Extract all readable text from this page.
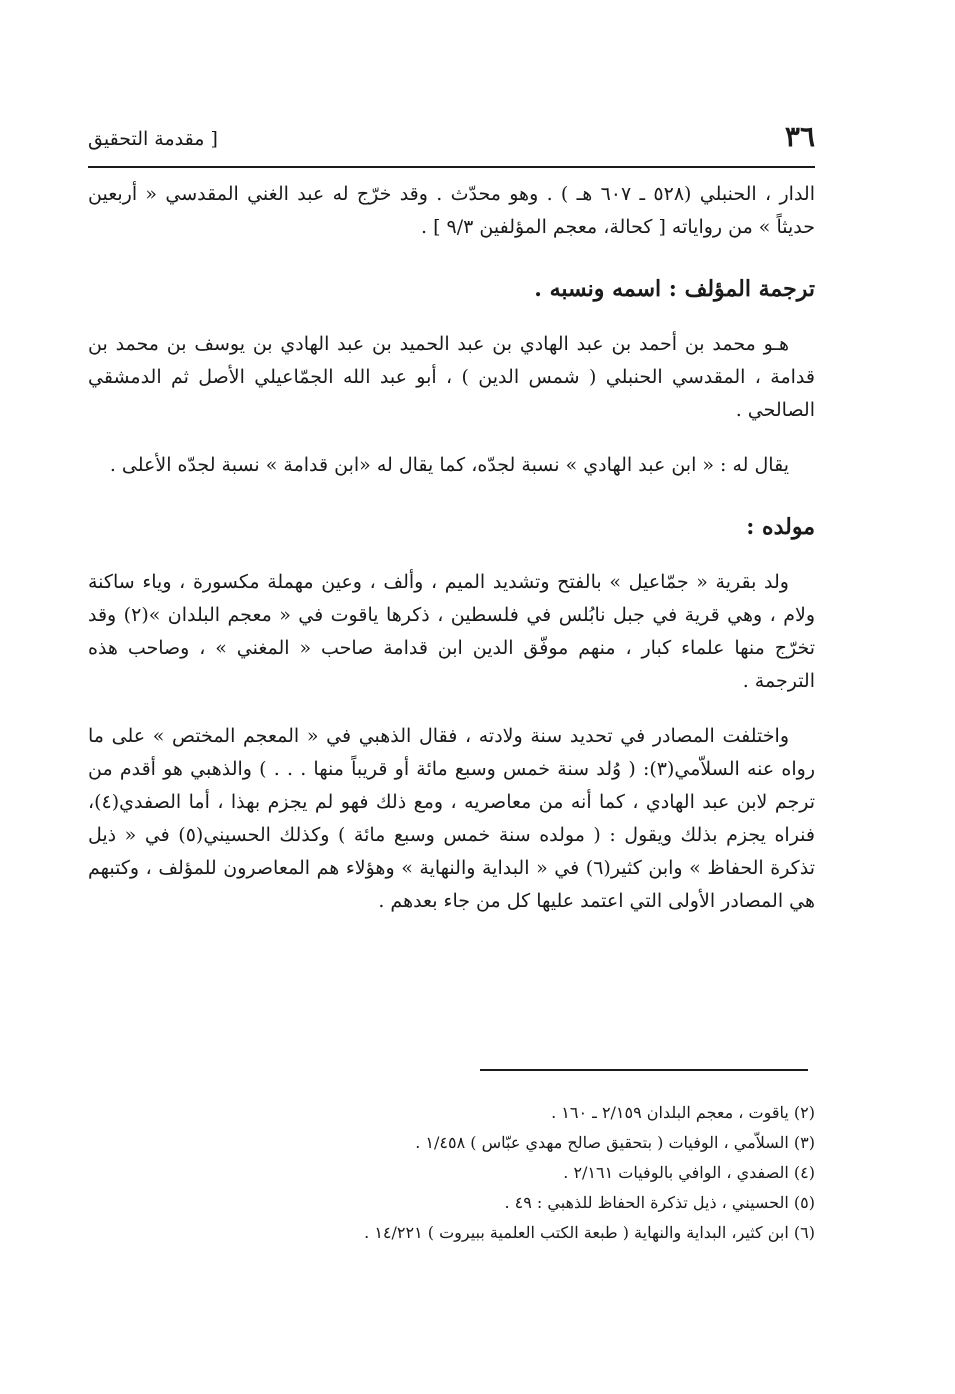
٣٦
[ مقدمة التحقيق

الدار ، الحنبلي (٥٢٨ ـ ٦٠٧ هـ ) . وهو محدّث . وقد خرّج له عبد الغني المقدسي « أربعين حديثاً » من رواياته [ كحالة، معجم المؤلفين ٩/٣ ] .

ترجمة المؤلف : اسمه ونسبه .

هـو محمد بن أحمد بن عبد الهادي بن عبد الحميد بن عبد الهادي بن يوسف بن محمد بن قدامة ، المقدسي الحنبلي ( شمس الدين ) ، أبو عبد الله الجمّاعيلي الأصل ثم الدمشقي الصالحي .

يقال له : « ابن عبد الهادي » نسبة لجدّه، كما يقال له «ابن قدامة » نسبة لجدّه الأعلى .

مولده :

ولد بقرية « جمّاعيل » بالفتح وتشديد الميم ، وألف ، وعين مهملة مكسورة ، وياء ساكنة ولام ، وهي قرية في جبل نابُلس في فلسطين ، ذكرها ياقوت في « معجم البلدان »(٢) وقد تخرّج منها علماء كبار ، منهم موفّق الدين ابن قدامة صاحب « المغني » ، وصاحب هذه الترجمة .

واختلفت المصادر في تحديد سنة ولادته ، فقال الذهبي في « المعجم المختص » على ما رواه عنه السلاّمي(٣): ( وُلد سنة خمس وسبع مائة أو قريباً منها . . . ) والذهبي هو أقدم من ترجم لابن عبد الهادي ، كما أنه من معاصريه ، ومع ذلك فهو لم يجزم بهذا ، أما الصفدي(٤)، فنراه يجزم بذلك ويقول : ( مولده سنة خمس وسبع مائة ) وكذلك الحسيني(٥) في « ذيل تذكرة الحفاظ » وابن كثير(٦) في « البداية والنهاية » وهؤلاء هم المعاصرون للمؤلف ، وكتبهم هي المصادر الأولى التي اعتمد عليها كل من جاء بعدهم .

(٢) ياقوت ، معجم البلدان ٢/١٥٩ ـ ١٦٠ .
(٣) السلاّمي ، الوفيات ( بتحقيق صالح مهدي عبّاس ) ١/٤٥٨ .
(٤) الصفدي ، الوافي بالوفيات ٢/١٦١ .
(٥) الحسيني ، ذيل تذكرة الحفاظ للذهبي : ٤٩ .
(٦) ابن كثير، البداية والنهاية ( طبعة الكتب العلمية ببيروت ) ١٤/٢٢١ .
